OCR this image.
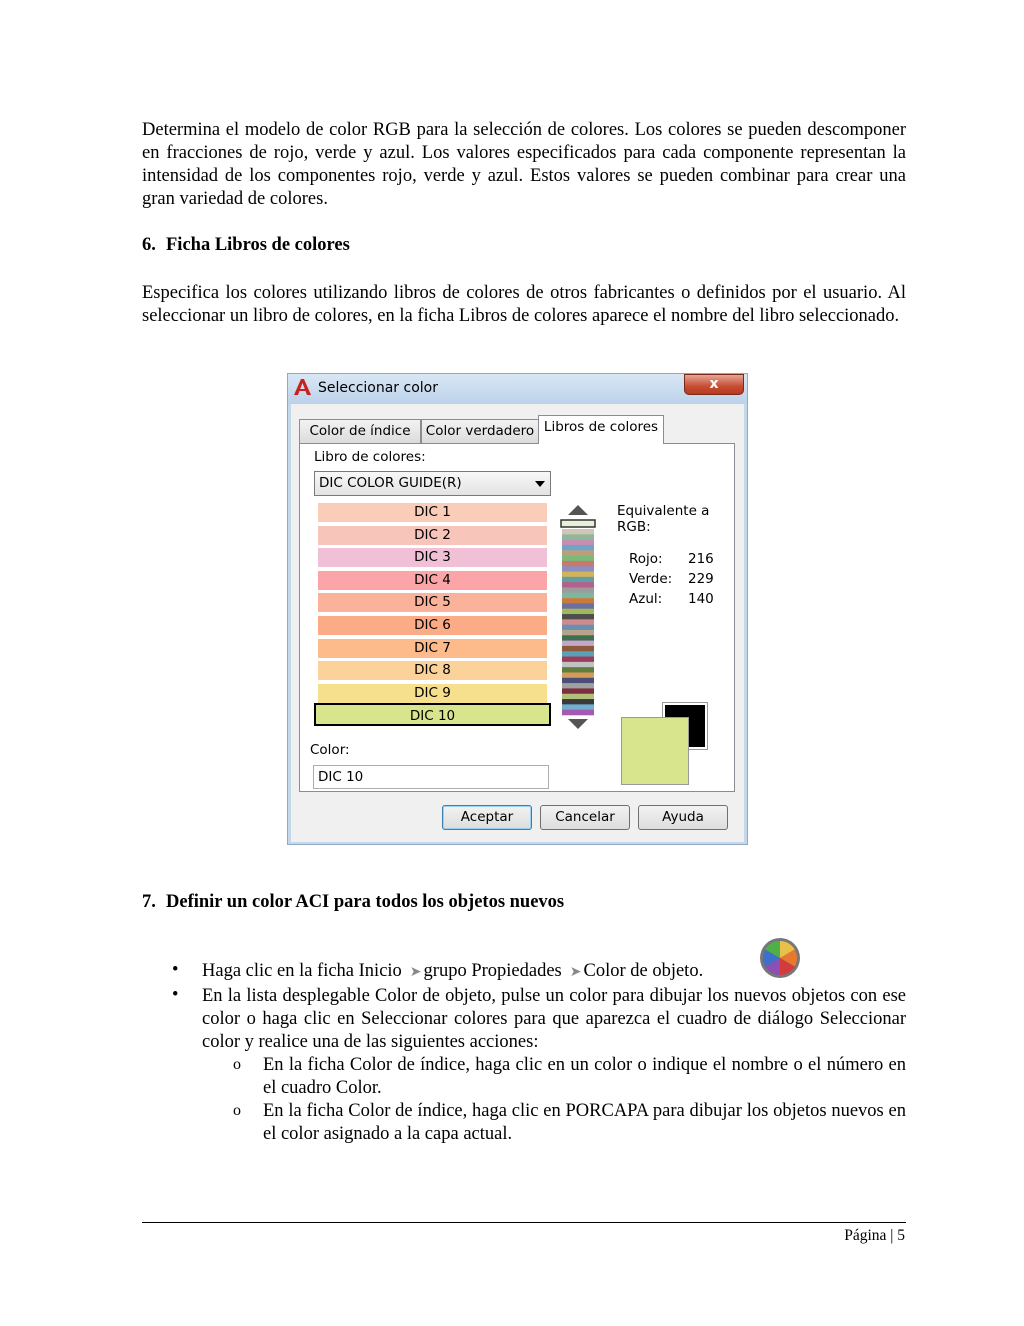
Determina el modelo de color RGB para la selección de colores. Los colores se pueden descomponer en fracciones de rojo, verde y azul. Los valores especificados para cada componente representan la intensidad de los componentes rojo, verde y azul. Estos valores se pueden combinar para crear una gran variedad de colores.
6. Ficha Libros de colores
Especifica los colores utilizando libros de colores de otros fabricantes o definidos por el usuario. Al seleccionar un libro de colores, en la ficha Libros de colores aparece el nombre del libro seleccionado.
Seleccionar color	x
Color de índice	Color verdadero Libros de colores
Libro de colores:
DIC COLOR GUIDE(R)
DIC 1
DIC 2
DIC 3
DIC 4
DIC 5
DIC 6
DIC 7
DIC 8
DIC 9
DIC 10
Equivalente a RGB:
Rojo: 216
Verde: 229
Azul: 140
Color:
DIC 10
Aceptar	Cancelar	Ayuda
7. Definir un color ACI para todos los objetos nuevos
• Haga clic en la ficha Inicio ➤ grupo Propiedades ➤ Color de objeto.
• En la lista desplegable Color de objeto, pulse un color para dibujar los nuevos objetos con ese color o haga clic en Seleccionar colores para que aparezca el cuadro de diálogo Seleccionar color y realice una de las siguientes acciones:
o En la ficha Color de índice, haga clic en un color o indique el nombre o el número en el cuadro Color.
o En la ficha Color de índice, haga clic en PORCAPA para dibujar los objetos nuevos en el color asignado a la capa actual.
Página | 5
